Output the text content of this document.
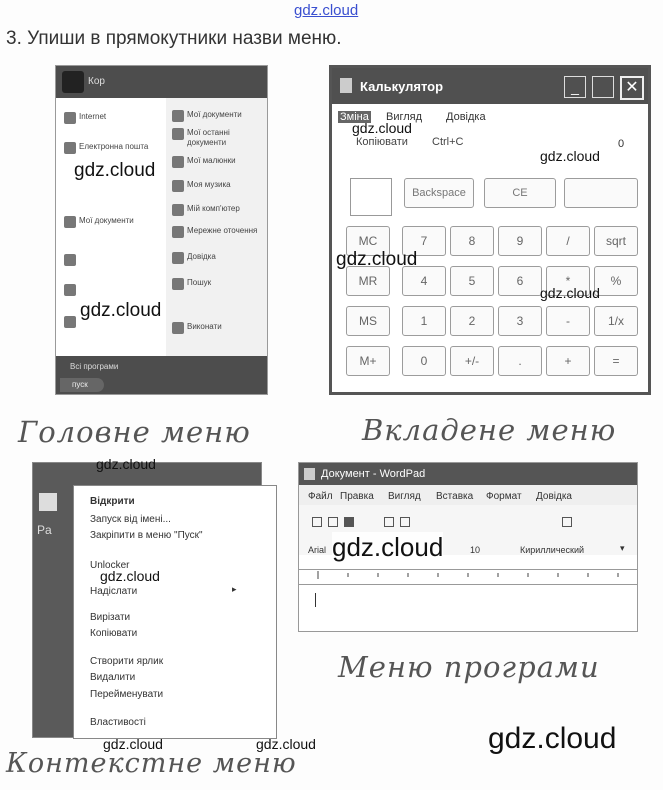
gdz.cloud
3. Упиши в прямокутники назви меню.
Кор
Всі програми
пуск
Internet
Електронна пошта
Мої документи
Мої документи
Мої останні документи
Мої малюнки
Моя музика
Мій комп'ютер
Мережне оточення
Довідка
Пошук
Виконати
Калькулятор	_	✕
Зміна Вигляд Довідка
Копіювати Ctrl+C	0
Backspace	CE
MC
MR
MS
M+
7	8	9	/	sqrt
4	5	6	*	%
1	2	3	-	1/x
0	+/-	.	+	=
Головне меню	Вкладене меню
Pa
Відкрити
Запуск від імені...
Закріпити в меню "Пуск"
Unlocker
Надіслати
Вирізати
Копіювати
Створити ярлик
Видалити
Перейменувати
Властивості
▸
Документ - WordPad
Файл Правка Вигляд Вставка Формат Довідка
Arial	10	Кириллический	▾
Меню програми
Контекстне меню
gdz.cloud
gdz.cloud
gdz.cloud
gdz.cloud
gdz.cloud
gdz.cloud
gdz.cloud
gdz.cloud
gdz.cloud
gdz.cloud	gdz.cloud	gdz.cloud
